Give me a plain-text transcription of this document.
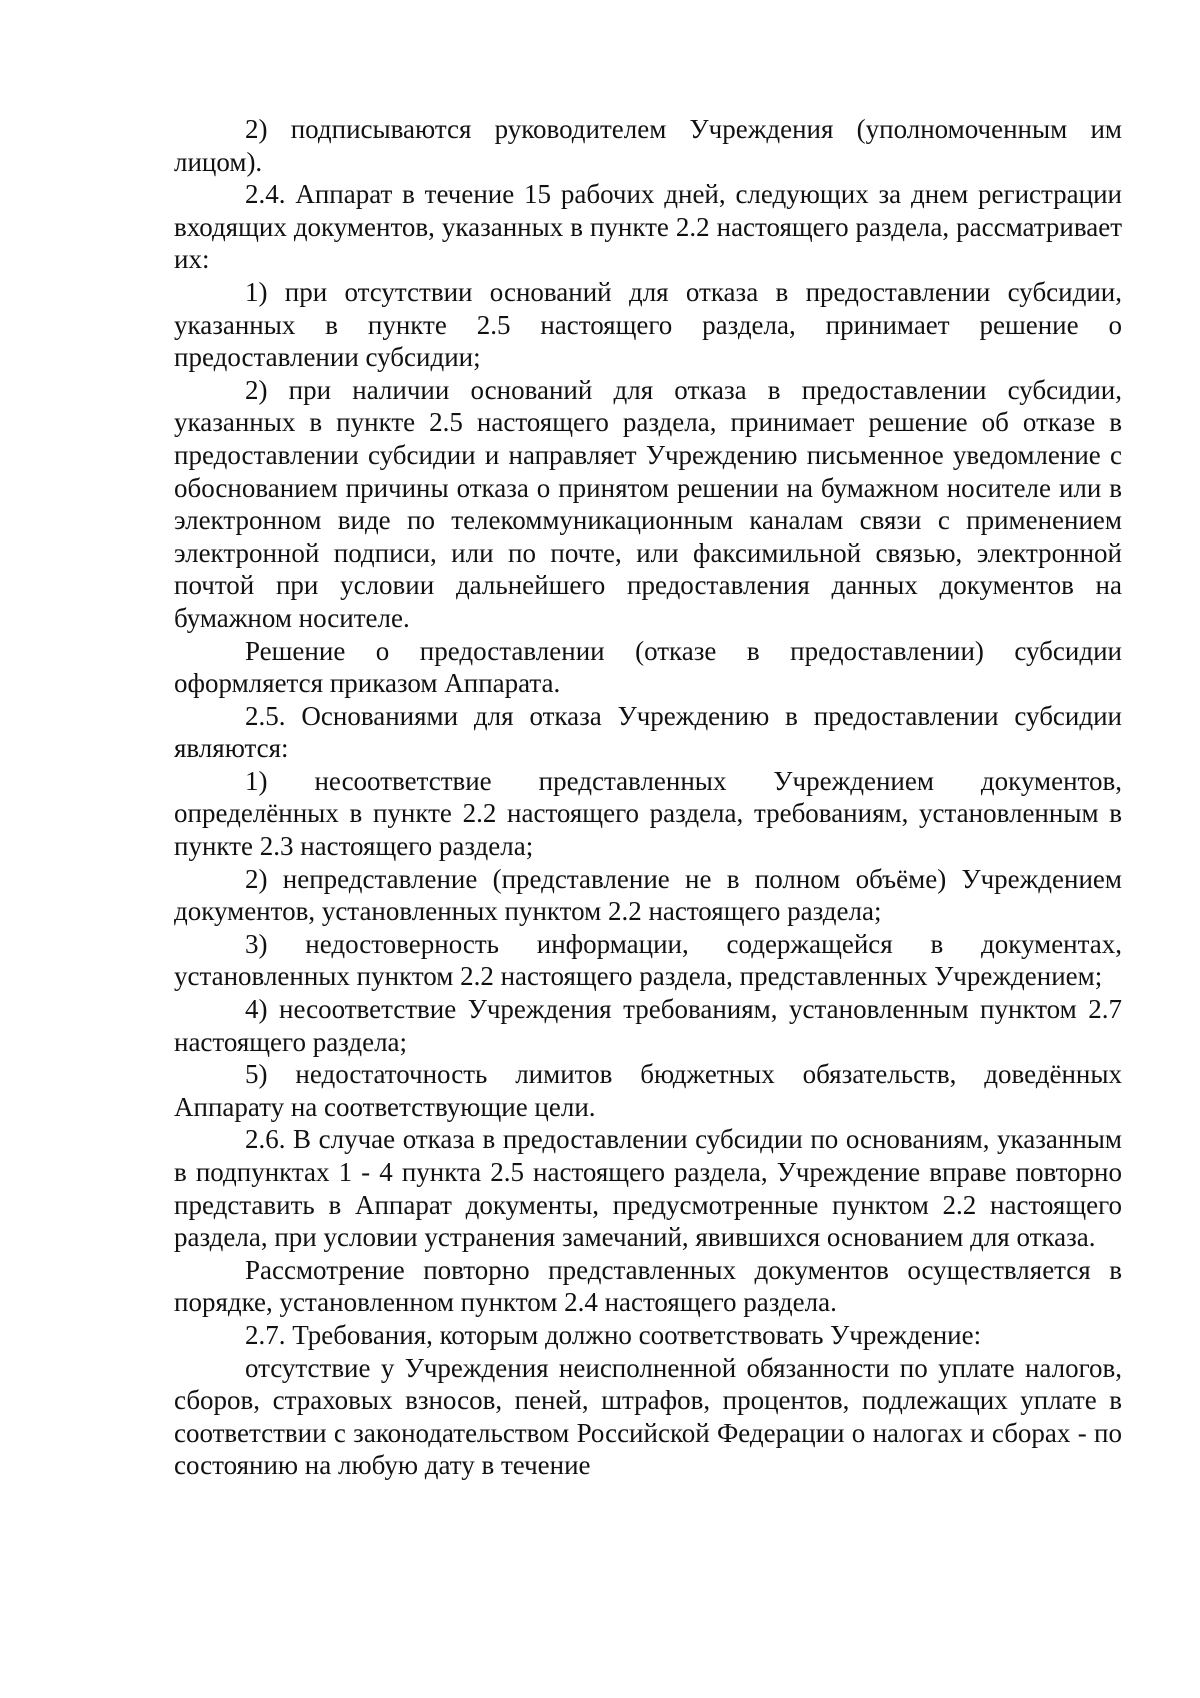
2) подписываются руководителем Учреждения (уполномоченным им лицом).

2.4. Аппарат в течение 15 рабочих дней, следующих за днем регистрации входящих документов, указанных в пункте 2.2 настоящего раздела, рассматривает их:

1) при отсутствии оснований для отказа в предоставлении субсидии, указанных в пункте 2.5 настоящего раздела, принимает решение о предоставлении субсидии;

2) при наличии оснований для отказа в предоставлении субсидии, указанных в пункте 2.5 настоящего раздела, принимает решение об отказе в предоставлении субсидии и направляет Учреждению письменное уведомление с обоснованием причины отказа о принятом решении на бумажном носителе или в электронном виде по телекоммуникационным каналам связи с применением электронной подписи, или по почте, или факсимильной связью, электронной почтой при условии дальнейшего предоставления данных документов на бумажном носителе.

Решение о предоставлении (отказе в предоставлении) субсидии оформляется приказом Аппарата.

2.5. Основаниями для отказа Учреждению в предоставлении субсидии являются:

1) несоответствие представленных Учреждением документов, определённых в пункте 2.2 настоящего раздела, требованиям, установленным в пункте 2.3 настоящего раздела;

2) непредставление (представление не в полном объёме) Учреждением документов, установленных пунктом 2.2 настоящего раздела;

3) недостоверность информации, содержащейся в документах, установленных пунктом 2.2 настоящего раздела, представленных Учреждением;

4) несоответствие Учреждения требованиям, установленным пунктом 2.7 настоящего раздела;

5) недостаточность лимитов бюджетных обязательств, доведённых Аппарату на соответствующие цели.

2.6. В случае отказа в предоставлении субсидии по основаниям, указанным в подпунктах 1 - 4 пункта 2.5 настоящего раздела, Учреждение вправе повторно представить в Аппарат документы, предусмотренные пунктом 2.2 настоящего раздела, при условии устранения замечаний, явившихся основанием для отказа.

Рассмотрение повторно представленных документов осуществляется в порядке, установленном пунктом 2.4 настоящего раздела.

2.7. Требования, которым должно соответствовать Учреждение:

отсутствие у Учреждения неисполненной обязанности по уплате налогов, сборов, страховых взносов, пеней, штрафов, процентов, подлежащих уплате в соответствии с законодательством Российской Федерации о налогах и сборах - по состоянию на любую дату в течение
